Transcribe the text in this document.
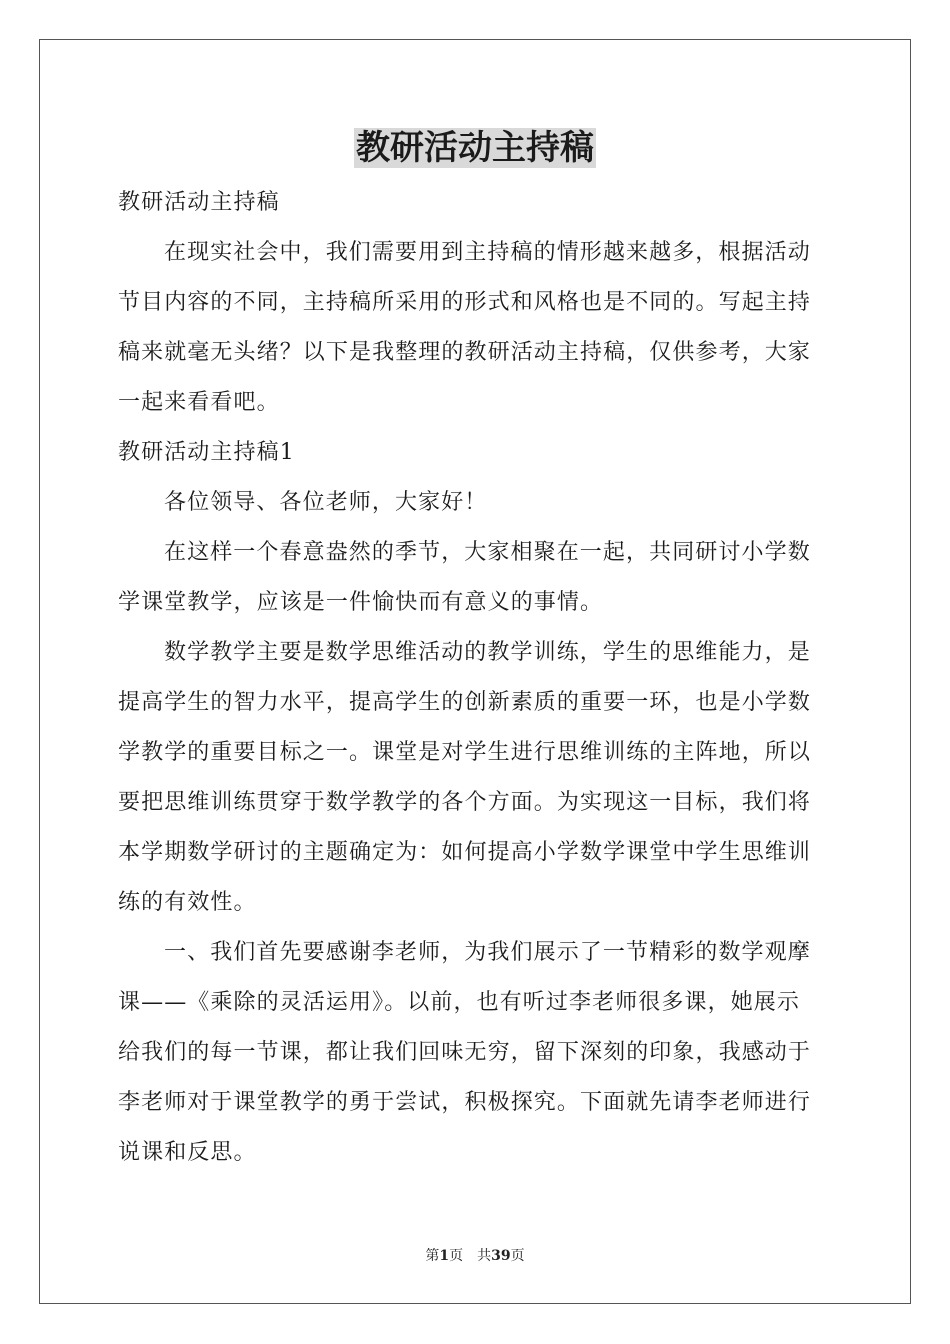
教研活动主持稿
教研活动主持稿
在现实社会中，我们需要用到主持稿的情形越来越多，根据活动
节目内容的不同，主持稿所采用的形式和风格也是不同的。写起主持
稿来就毫无头绪？以下是我整理的教研活动主持稿，仅供参考，大家
一起来看看吧。
教研活动主持稿1
各位领导、各位老师，大家好！
在这样一个春意盎然的季节，大家相聚在一起，共同研讨小学数
学课堂教学，应该是一件愉快而有意义的事情。
数学教学主要是数学思维活动的教学训练，学生的思维能力，是
提高学生的智力水平，提高学生的创新素质的重要一环，也是小学数
学教学的重要目标之一。课堂是对学生进行思维训练的主阵地，所以
要把思维训练贯穿于数学教学的各个方面。为实现这一目标，我们将
本学期数学研讨的主题确定为：如何提高小学数学课堂中学生思维训
练的有效性。
一、我们首先要感谢李老师，为我们展示了一节精彩的数学观摩
课——《乘除的灵活运用》。以前，也有听过李老师很多课，她展示
给我们的每一节课，都让我们回味无穷，留下深刻的印象，我感动于
李老师对于课堂教学的勇于尝试，积极探究。下面就先请李老师进行
说课和反思。
第1页 共39页
